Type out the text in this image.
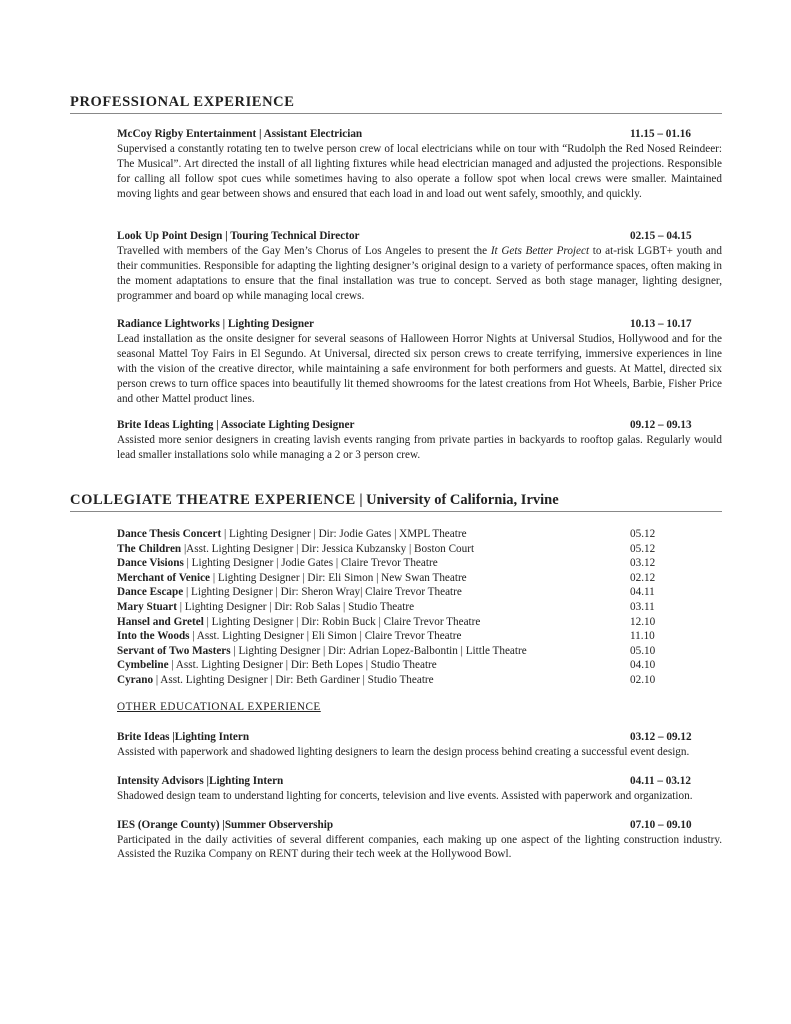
PROFESSIONAL EXPERIENCE
McCoy Rigby Entertainment | Assistant Electrician	11.15 – 01.16
Supervised a constantly rotating ten to twelve person crew of local electricians while on tour with “Rudolph the Red Nosed Reindeer: The Musical”. Art directed the install of all lighting fixtures while head electrician managed and adjusted the projections. Responsible for calling all follow spot cues while sometimes having to also operate a follow spot when local crews were smaller. Maintained moving lights and gear between shows and ensured that each load in and load out went safely, smoothly, and quickly.
Look Up Point Design | Touring Technical Director	02.15 – 04.15
Travelled with members of the Gay Men’s Chorus of Los Angeles to present the It Gets Better Project to at-risk LGBT+ youth and their communities. Responsible for adapting the lighting designer’s original design to a variety of performance spaces, often making in the moment adaptations to ensure that the final installation was true to concept. Served as both stage manager, lighting designer, programmer and board op while managing local crews.
Radiance Lightworks | Lighting Designer	10.13 – 10.17
Lead installation as the onsite designer for several seasons of Halloween Horror Nights at Universal Studios, Hollywood and for the seasonal Mattel Toy Fairs in El Segundo. At Universal, directed six person crews to create terrifying, immersive experiences in line with the vision of the creative director, while maintaining a safe environment for both performers and guests. At Mattel, directed six person crews to turn office spaces into beautifully lit themed showrooms for the latest creations from Hot Wheels, Barbie, Fisher Price and other Mattel product lines.
Brite Ideas Lighting | Associate Lighting Designer	09.12 – 09.13
Assisted more senior designers in creating lavish events ranging from private parties in backyards to rooftop galas. Regularly would lead smaller installations solo while managing a 2 or 3 person crew.
COLLEGIATE THEATRE EXPERIENCE | University of California, Irvine
Dance Thesis Concert | Lighting Designer | Dir: Jodie Gates | XMPL Theatre	05.12
The Children |Asst. Lighting Designer | Dir: Jessica Kubzansky | Boston Court	05.12
Dance Visions | Lighting Designer | Jodie Gates | Claire Trevor Theatre	03.12
Merchant of Venice | Lighting Designer | Dir: Eli Simon | New Swan Theatre	02.12
Dance Escape | Lighting Designer | Dir: Sheron Wray| Claire Trevor Theatre	04.11
Mary Stuart | Lighting Designer | Dir: Rob Salas | Studio Theatre	03.11
Hansel and Gretel | Lighting Designer | Dir: Robin Buck | Claire Trevor Theatre	12.10
Into the Woods | Asst. Lighting Designer | Eli Simon | Claire Trevor Theatre	11.10
Servant of Two Masters | Lighting Designer | Dir: Adrian Lopez-Balbontin | Little Theatre	05.10
Cymbeline | Asst. Lighting Designer | Dir: Beth Lopes | Studio Theatre	04.10
Cyrano | Asst. Lighting Designer | Dir: Beth Gardiner | Studio Theatre	02.10
OTHER EDUCATIONAL EXPERIENCE
Brite Ideas |Lighting Intern	03.12 – 09.12
Assisted with paperwork and shadowed lighting designers to learn the design process behind creating a successful event design.
Intensity Advisors |Lighting Intern	04.11 – 03.12
Shadowed design team to understand lighting for concerts, television and live events. Assisted with paperwork and organization.
IES (Orange County) |Summer Observership	07.10 – 09.10
Participated in the daily activities of several different companies, each making up one aspect of the lighting construction industry. Assisted the Ruzika Company on RENT during their tech week at the Hollywood Bowl.
